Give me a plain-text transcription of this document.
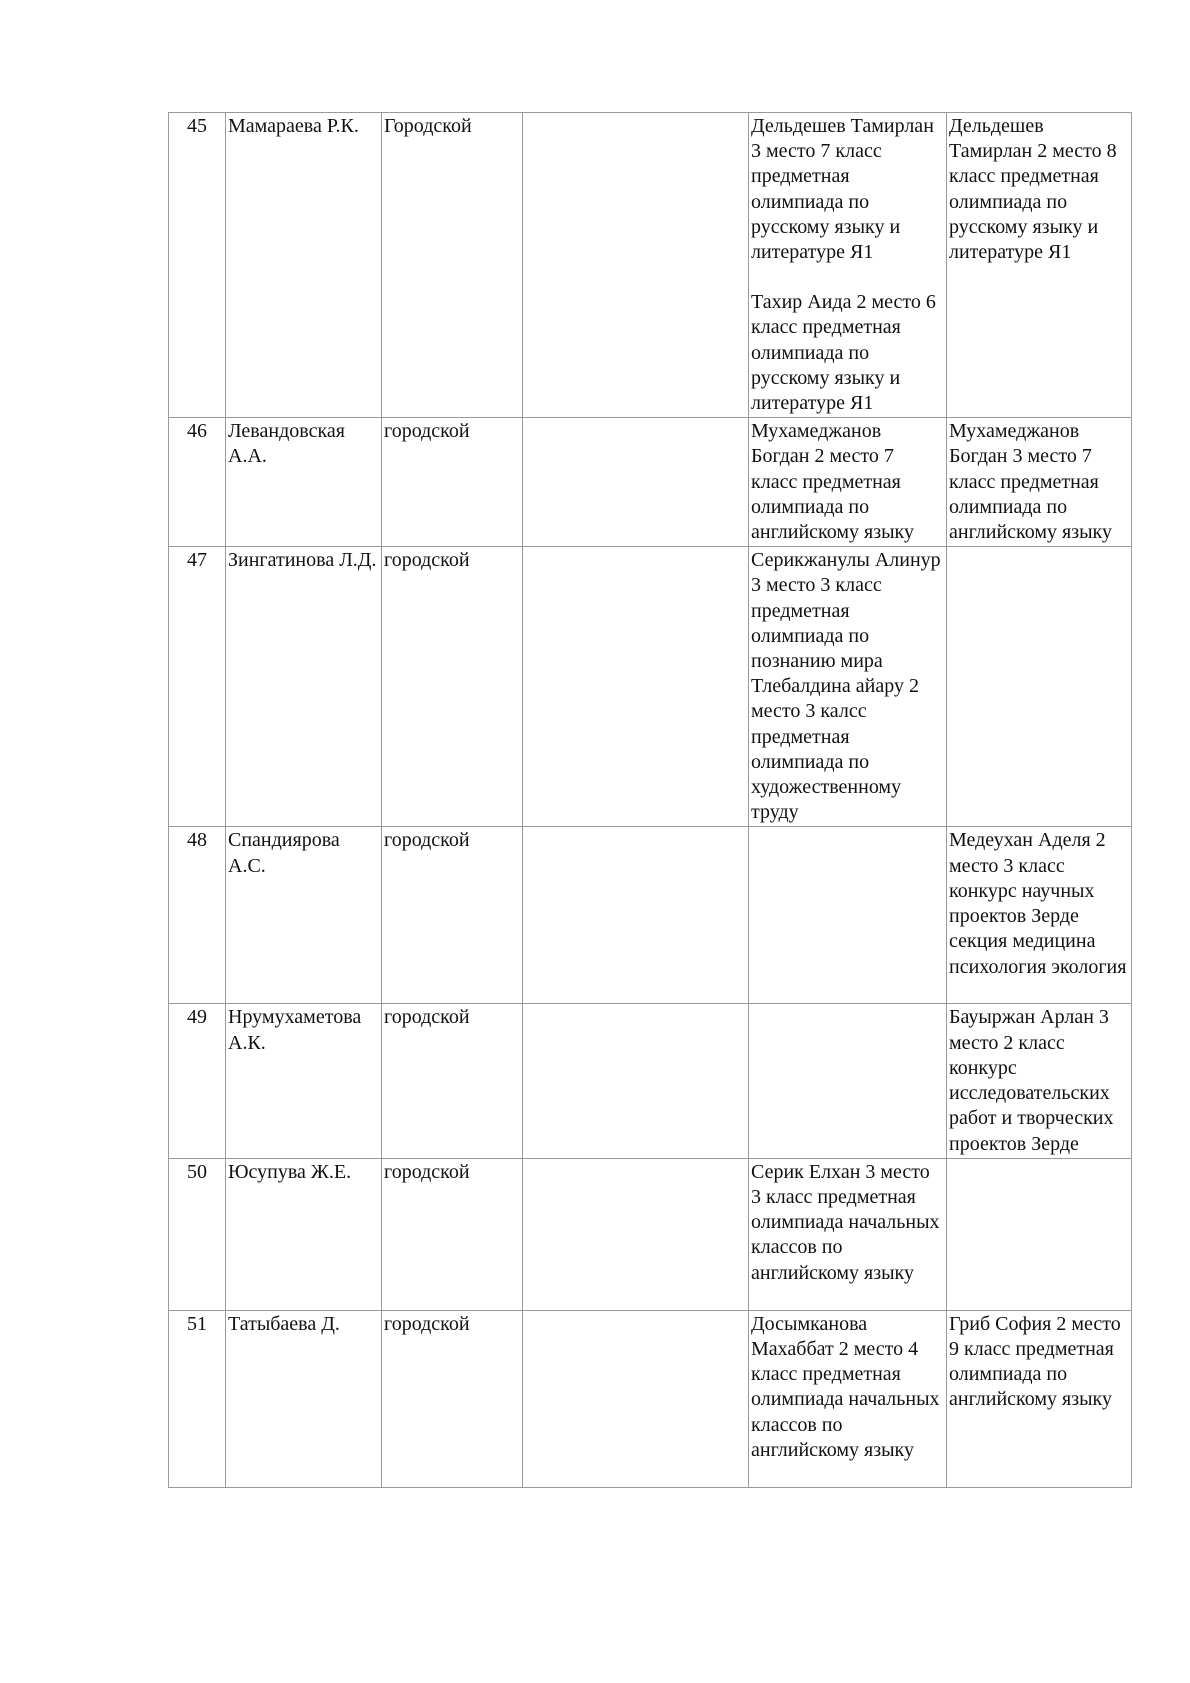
45	Мамараева Р.К.	Городской		Дельдешев Тамирлан 3 место 7 класс предметная олимпиада по русскому языку и литературе Я1
Тахир Аида 2 место 6 класс предметная олимпиада по русскому языку и литературе Я1	Дельдешев Тамирлан 2 место 8 класс предметная олимпиада по русскому языку и литературе Я1

46	Левандовская А.А.	городской		Мухамеджанов Богдан 2 место 7 класс предметная олимпиада по английскому языку	Мухамеджанов Богдан 3 место 7 класс предметная олимпиада по английскому языку

47	Зингатинова Л.Д.	городской		Серикжанулы Алинур 3 место 3 класс предметная олимпиада по познанию мира
Тлебалдина айару 2 место 3 калсс предметная олимпиада по художественному труду	

48	Спандиярова А.С.	городской			Медеухан Аделя 2 место 3 класс конкурс научных проектов Зерде секция медицина психология экология

49	Нрумухаметова А.К.	городской			Бауыржан Арлан 3 место 2 класс конкурс исследовательских работ и творческих проектов Зерде

50	Юсупува Ж.Е.	городской		Серик Елхан 3 место 3 класс предметная олимпиада начальных классов по английскому языку	

51	Татыбаева Д.	городской		Досымканова Махаббат 2 место 4 класс предметная олимпиада начальных классов по английскому языку	Гриб София 2 место 9 класс предметная олимпиада по английскому языку
